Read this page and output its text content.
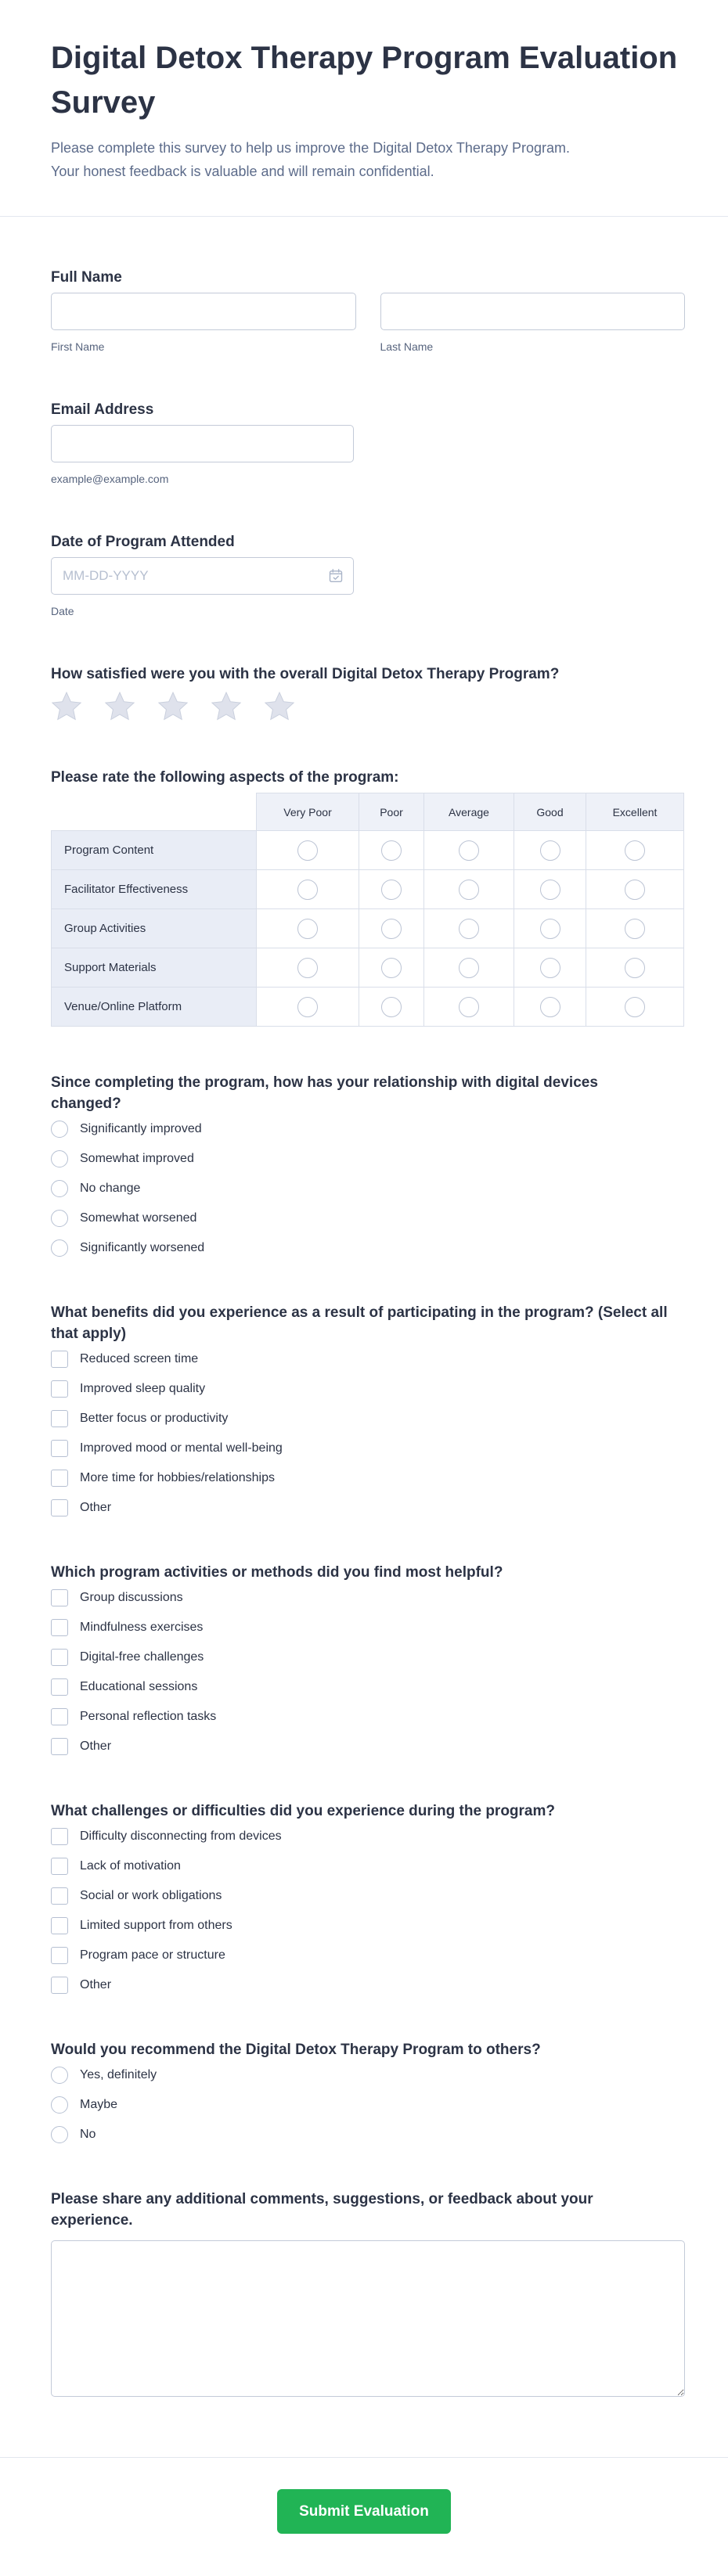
Digital Detox Therapy Program Evaluation Survey

Please complete this survey to help us improve the Digital Detox Therapy Program.
Your honest feedback is valuable and will remain confidential.

Full Name
First Name	Last Name
Email Address
example@example.com
Date of Program Attended
MM-DD-YYYY
Date
How satisfied were you with the overall Digital Detox Therapy Program?
Please rate the following aspects of the program:
	Very Poor	Poor	Average	Good	Excellent
Program Content					
Facilitator Effectiveness					
Group Activities					
Support Materials					
Venue/Online Platform					
Since completing the program, how has your relationship with digital devices changed?
Significantly improved
Somewhat improved
No change
Somewhat worsened
Significantly worsened
What benefits did you experience as a result of participating in the program? (Select all that apply)
Reduced screen time
Improved sleep quality
Better focus or productivity
Improved mood or mental well-being
More time for hobbies/relationships
Other
Which program activities or methods did you find most helpful?
Group discussions
Mindfulness exercises
Digital-free challenges
Educational sessions
Personal reflection tasks
Other
What challenges or difficulties did you experience during the program?
Difficulty disconnecting from devices
Lack of motivation
Social or work obligations
Limited support from others
Program pace or structure
Other
Would you recommend the Digital Detox Therapy Program to others?
Yes, definitely
Maybe
No
Please share any additional comments, suggestions, or feedback about your experience.
Submit Evaluation
